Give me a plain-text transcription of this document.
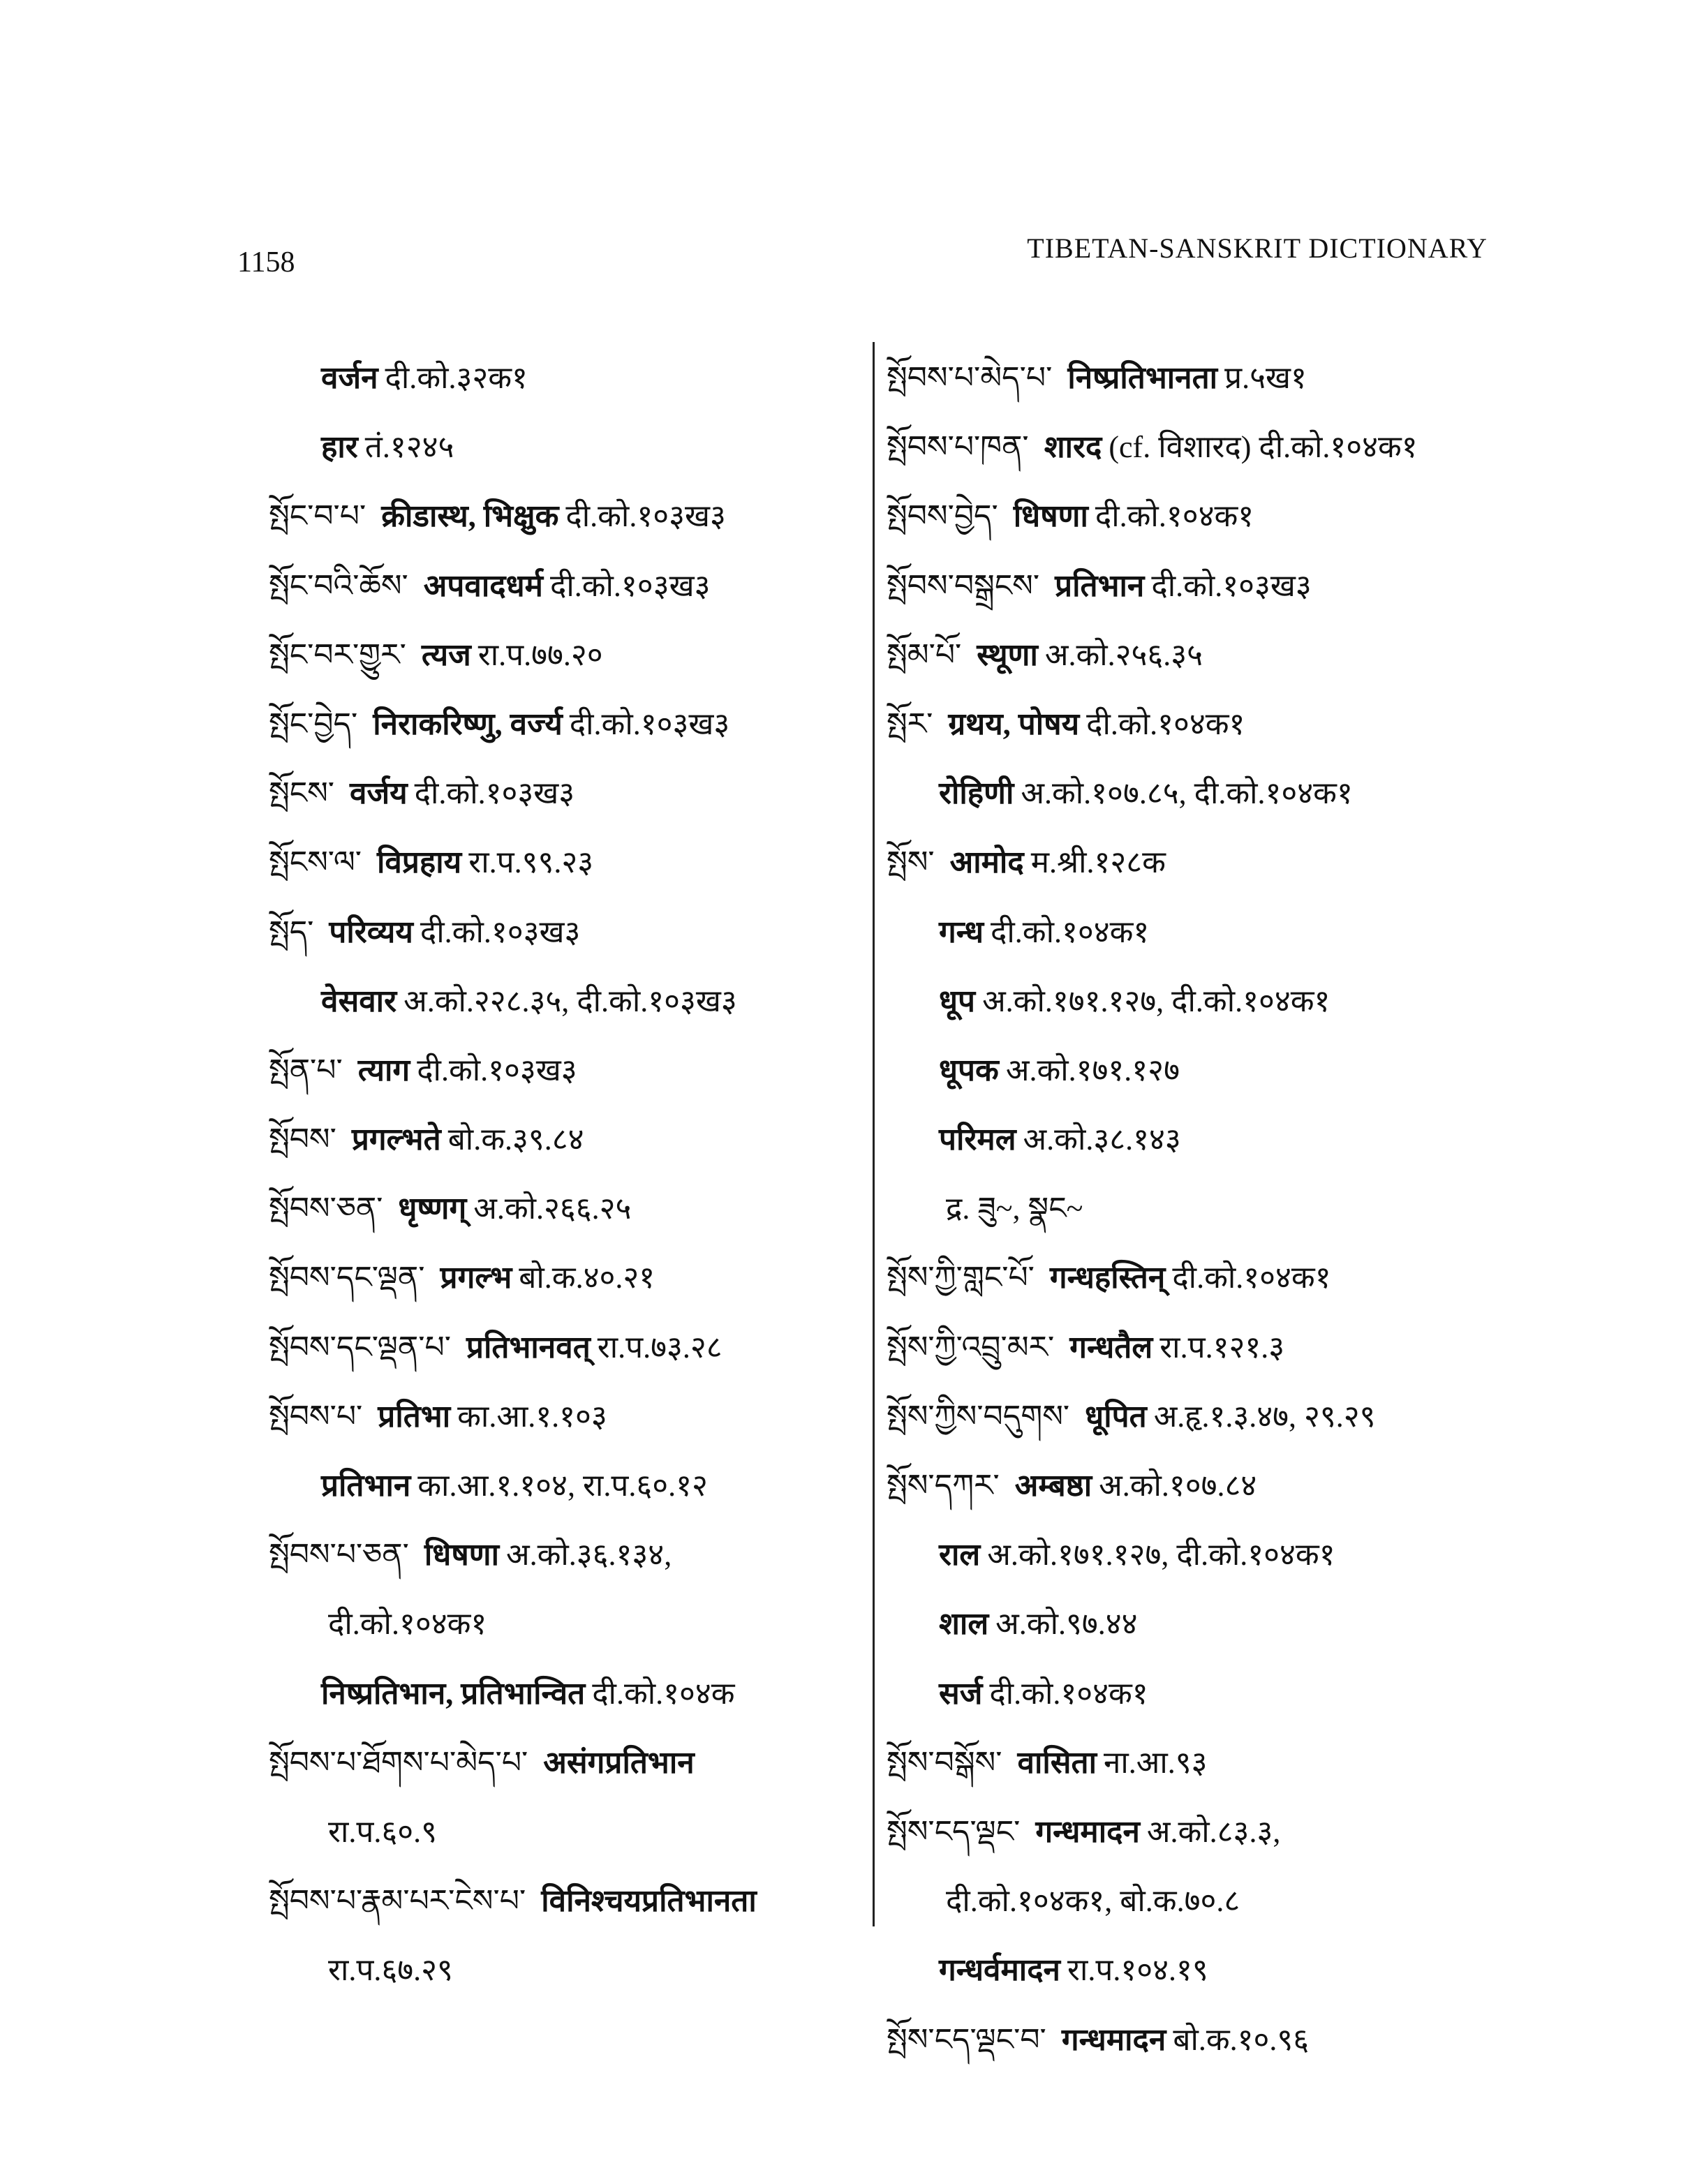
1158	TIBETAN-SANSKRIT DICTIONARY
वर्जन दी.को.३२क१
हार तं.१२४५
སྤོང་བ་པ་ क्रीडास्थ, भिक्षुक दी.को.१०३ख३
སྤོང་བའི་ཆོས་ अपवादधर्म दी.को.१०३ख३
སྤོང་བར་གྱུར་ त्यज रा.प.७७.२०
སྤོང་བྱེད་ निराकरिष्णु, वर्ज्य दी.को.१०३ख३
སྤོངས་ वर्जय दी.को.१०३ख३
སྤོངས་ལ་ विप्रहाय रा.प.९९.२३
སྤོད་ परिव्यय दी.को.१०३ख३
वेसवार अ.को.२२८.३५, दी.को.१०३ख३
སྤོན་པ་ त्याग दी.को.१०३ख३
སྤོབས་ प्रगल्भते बो.क.३९.८४
སྤོབས་ཅན་ धृष्णग् अ.को.२६६.२५
སྤོབས་དང་ལྡན་ प्रगल्भ बो.क.४०.२१
སྤོབས་དང་ལྡན་པ་ प्रतिभानवत् रा.प.७३.२८
སྤོབས་པ་ प्रतिभा का.आ.१.१०३
प्रतिभान का.आ.१.१०४, रा.प.६०.१२
སྤོབས་པ་ཅན་ धिषणा अ.को.३६.१३४,
दी.को.१०४क१
निष्प्रतिभान, प्रतिभान्वित दी.को.१०४क
སྤོབས་པ་ཐོགས་པ་མེད་པ་ असंगप्रतिभान
रा.प.६०.९
སྤོབས་པ་རྣམ་པར་ངེས་པ་ विनिश्चयप्रतिभानता
रा.प.६७.२९
སྤོབས་པ་མེད་པ་ निष्प्रतिभानता प्र.५ख१
སྤོབས་པ་ཁན་ शारद (cf. विशारद) दी.को.१०४क१
སྤོབས་བྱེད་ धिषणा दी.को.१०४क१
སྤོབས་བསྒྲངས་ प्रतिभान दी.को.१०३ख३
སྤོམ་པོ་ स्थूणा अ.को.२५६.३५
སྤོར་ ग्रथय, पोषय दी.को.१०४क१
रोहिणी अ.को.१०७.८५, दी.को.१०४क१
སྤོས་ आमोद म.श्री.१२८क
गन्ध दी.को.१०४क१
धूप अ.को.१७१.१२७, दी.को.१०४क१
धूपक अ.को.१७१.१२७
परिमल अ.को.३८.१४३
द्र. ཟུ~, སྣང~
སྤོས་ཀྱི་གླང་པོ་ गन्धहस्तिन् दी.को.१०४क१
སྤོས་ཀྱི་འབྲུ་མར་ गन्धतैल रा.प.१२१.३
སྤོས་ཀྱིས་བདུགས་ धूपित अ.हृ.१.३.४७, २९.२९
སྤོས་དཀར་ अम्बष्ठा अ.को.१०७.८४
राल अ.को.१७१.१२७, दी.को.१०४क१
शाल अ.को.९७.४४
सर्ज दी.को.१०४क१
སྤོས་བསྒོས་ वासिता ना.आ.९३
སྤོས་ངད་ལྡང་ गन्धमादन अ.को.८३.३,
दी.को.१०४क१, बो.क.७०.८
गन्धर्वमादन रा.प.१०४.१९
སྤོས་ངད་ལྡང་བ་ गन्धमादन बो.क.१०.९६
